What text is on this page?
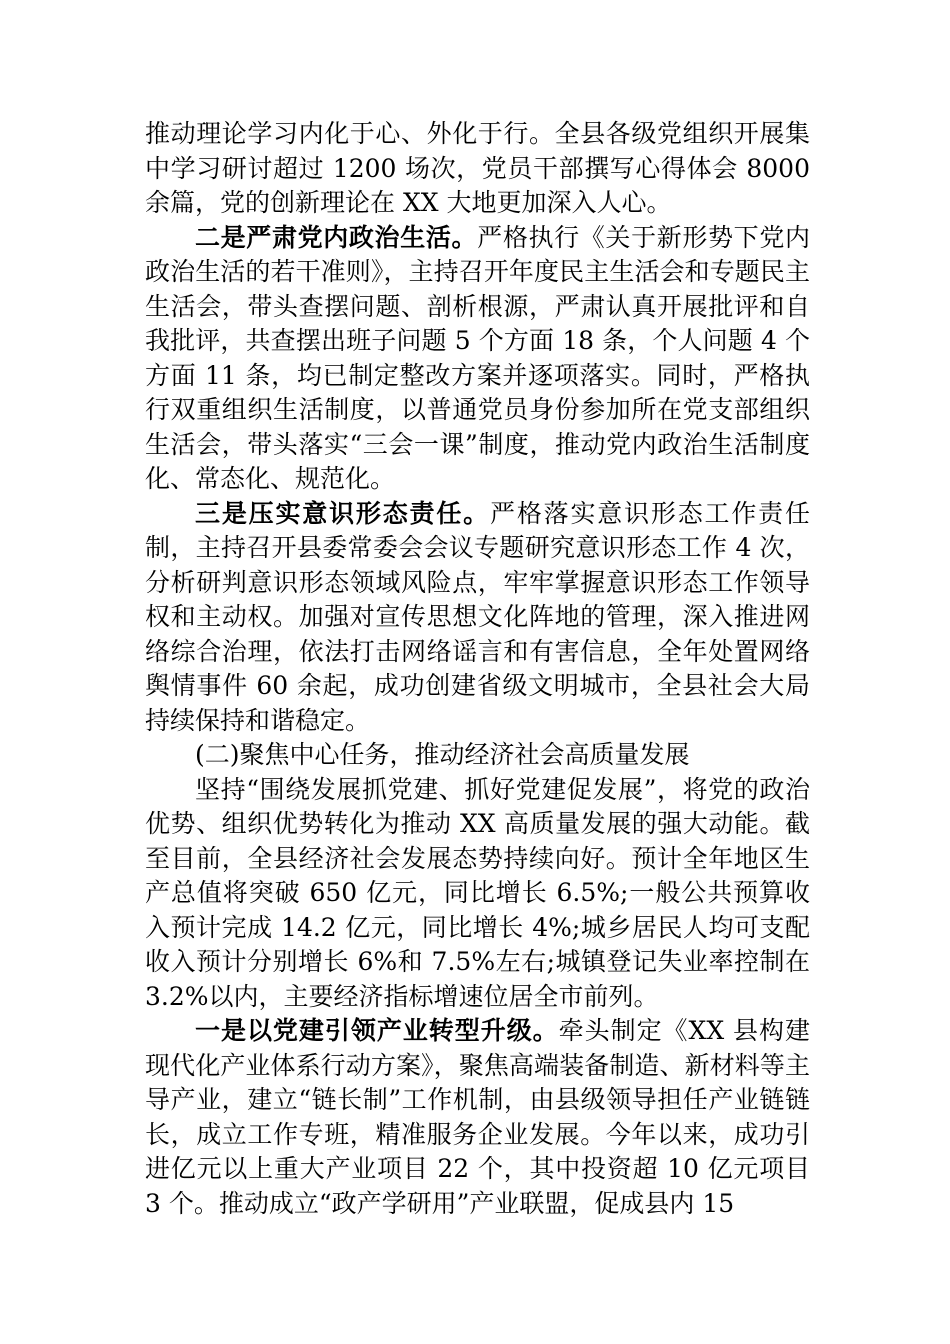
推动理论学习内化于心、外化于行。全县各级党组织开展集中学习研讨超过 1200 场次，党员干部撰写心得体会 8000 余篇，党的创新理论在 XX 大地更加深入人心。

二是严肃党内政治生活。严格执行《关于新形势下党内政治生活的若干准则》，主持召开年度民主生活会和专题民主生活会，带头查摆问题、剖析根源，严肃认真开展批评和自我批评，共查摆出班子问题 5 个方面 18 条，个人问题 4 个方面 11 条，均已制定整改方案并逐项落实。同时，严格执行双重组织生活制度，以普通党员身份参加所在党支部组织生活会，带头落实“三会一课”制度，推动党内政治生活制度化、常态化、规范化。

三是压实意识形态责任。严格落实意识形态工作责任制，主持召开县委常委会会议专题研究意识形态工作 4 次，分析研判意识形态领域风险点，牢牢掌握意识形态工作领导权和主动权。加强对宣传思想文化阵地的管理，深入推进网络综合治理，依法打击网络谣言和有害信息，全年处置网络舆情事件 60 余起，成功创建省级文明城市，全县社会大局持续保持和谐稳定。

(二)聚焦中心任务，推动经济社会高质量发展

坚持“围绕发展抓党建、抓好党建促发展”，将党的政治优势、组织优势转化为推动 XX 高质量发展的强大动能。截至目前，全县经济社会发展态势持续向好。预计全年地区生产总值将突破 650 亿元，同比增长 6.5%;一般公共预算收入预计完成 14.2 亿元，同比增长 4%;城乡居民人均可支配收入预计分别增长 6%和 7.5%左右;城镇登记失业率控制在 3.2%以内，主要经济指标增速位居全市前列。

一是以党建引领产业转型升级。牵头制定《XX 县构建现代化产业体系行动方案》，聚焦高端装备制造、新材料等主导产业，建立“链长制”工作机制，由县级领导担任产业链链长，成立工作专班，精准服务企业发展。今年以来，成功引进亿元以上重大产业项目 22 个，其中投资超 10 亿元项目 3 个。推动成立“政产学研用”产业联盟，促成县内 15
